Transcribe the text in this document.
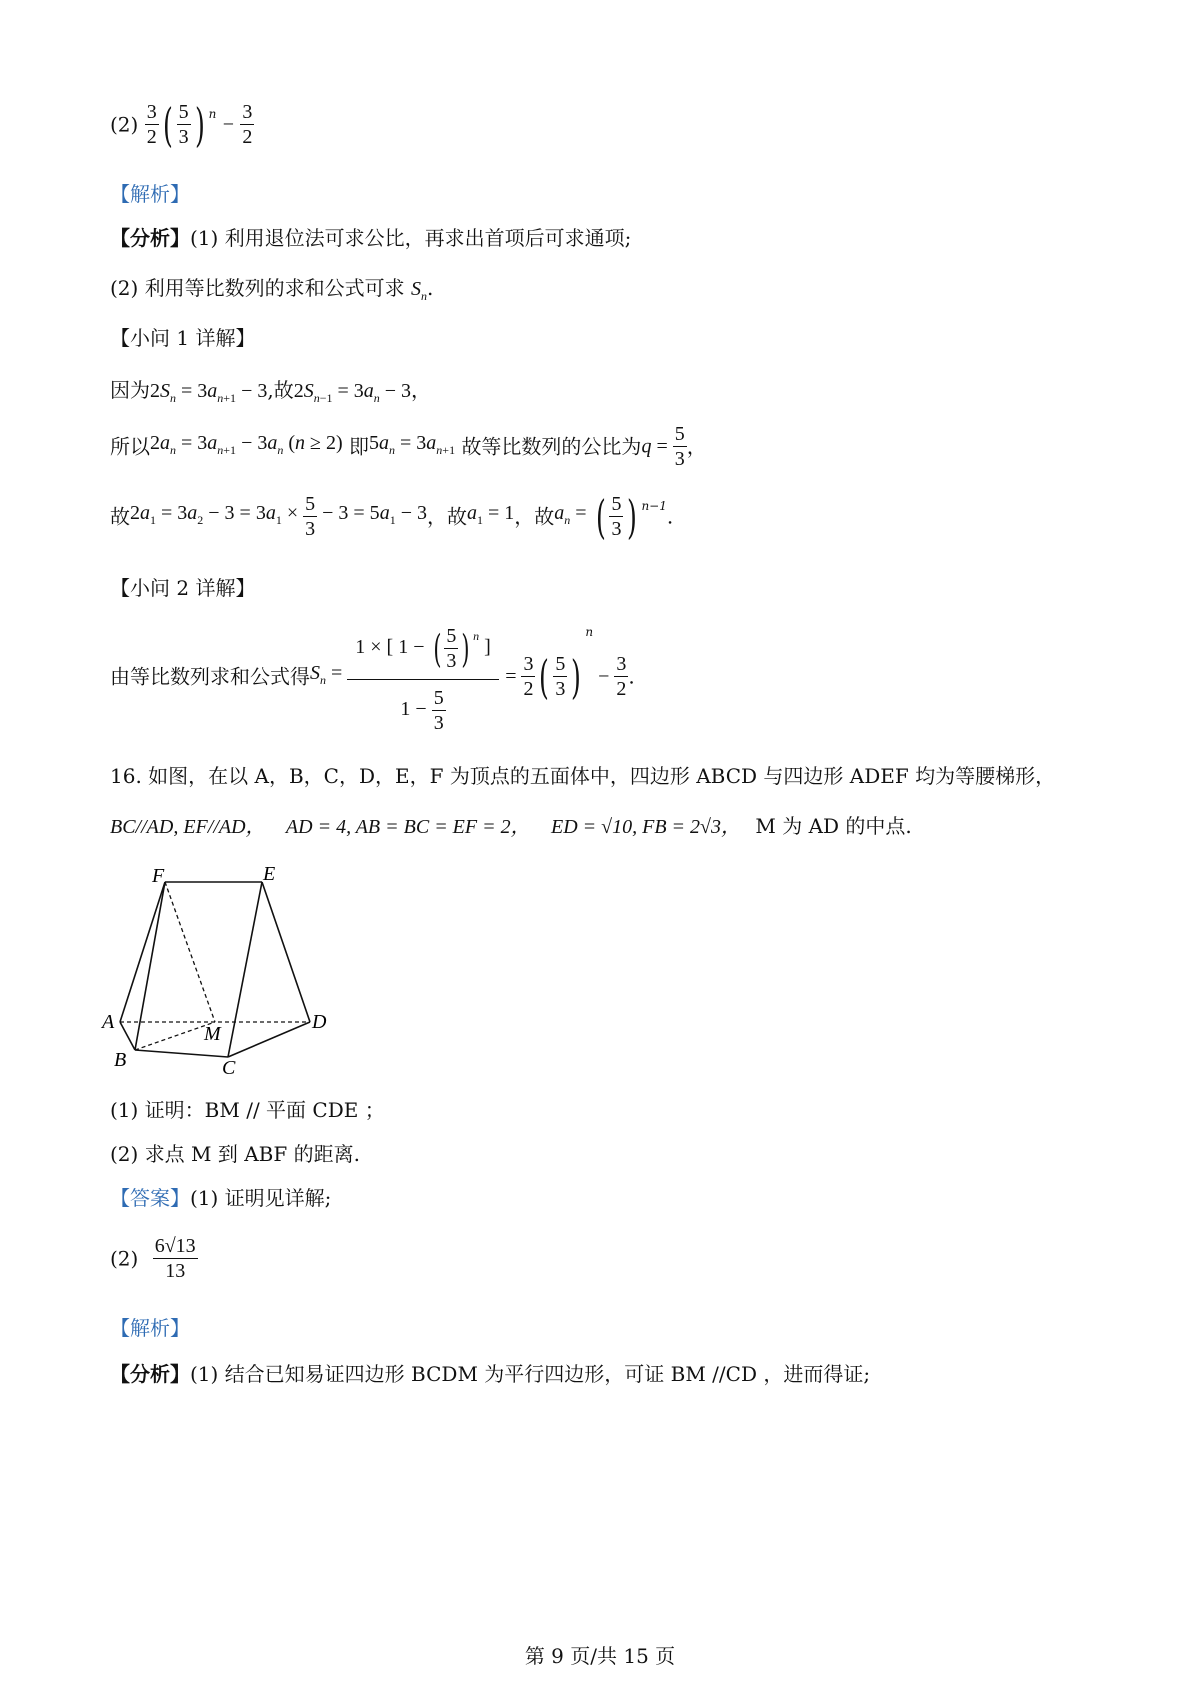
$(2) \frac{3}{2}$ ( $\frac{5}{3}$ ) $^n - \frac{3}{2}$
【解析】
【分析】(1) 利用退位法可求公比，再求出首项后可求通项;
(2) 利用等比数列的求和公式可求 $S_n$.
【小问 1 详解】
因为$2S_n = 3a_{n+1} - 3$,故$2S_{n-1} = 3a_n - 3$，
所以$2a_n = 3a_{n+1} - 3a_n$ (n ≥ 2) 即$5a_n = 3a_{n+1}$ 故等比数列的公比为$q = \frac{5}{3}$ ，
故$2a_1 = 3a_2 - 3 = 3a_1 \times \frac{5}{3} - 3 = 5a_1 - 3$，故$a_1 = 1$，故$a_n$ = ( $\frac{5}{3}$ ) $^{n-1}$.
【小问 2 详解】
由等比数列求和公式得$S_n = \frac{1 \times [ 1 - ( \frac{5}{3} ) ^n ]}{1 - \frac{5}{3}} = \frac{3}{2}$ ( $\frac{5}{3} )^n - \frac{3}{2}$ .
16. 如图，在以 A，B，C，D，E，F 为顶点的五面体中，四边形 ABCD 与四边形 ADEF 均为等腰梯形，
BC//AD, EF//AD， AD = 4, AB = BC = EF = 2， ED = √10, FB = 2√3， M 为 AD 的中点.
F	E
A
M
D
B	C
(1) 证明：BM // 平面 CDE ；
(2) 求点 M 到 ABF 的距离.
【答案】(1) 证明见详解;
$(2) \frac{6√13}{13}$
【解析】
【分析】(1) 结合已知易证四边形 BCDM 为平行四边形，可证 BM //CD ，进而得证;
第 9 页/共 15 页
